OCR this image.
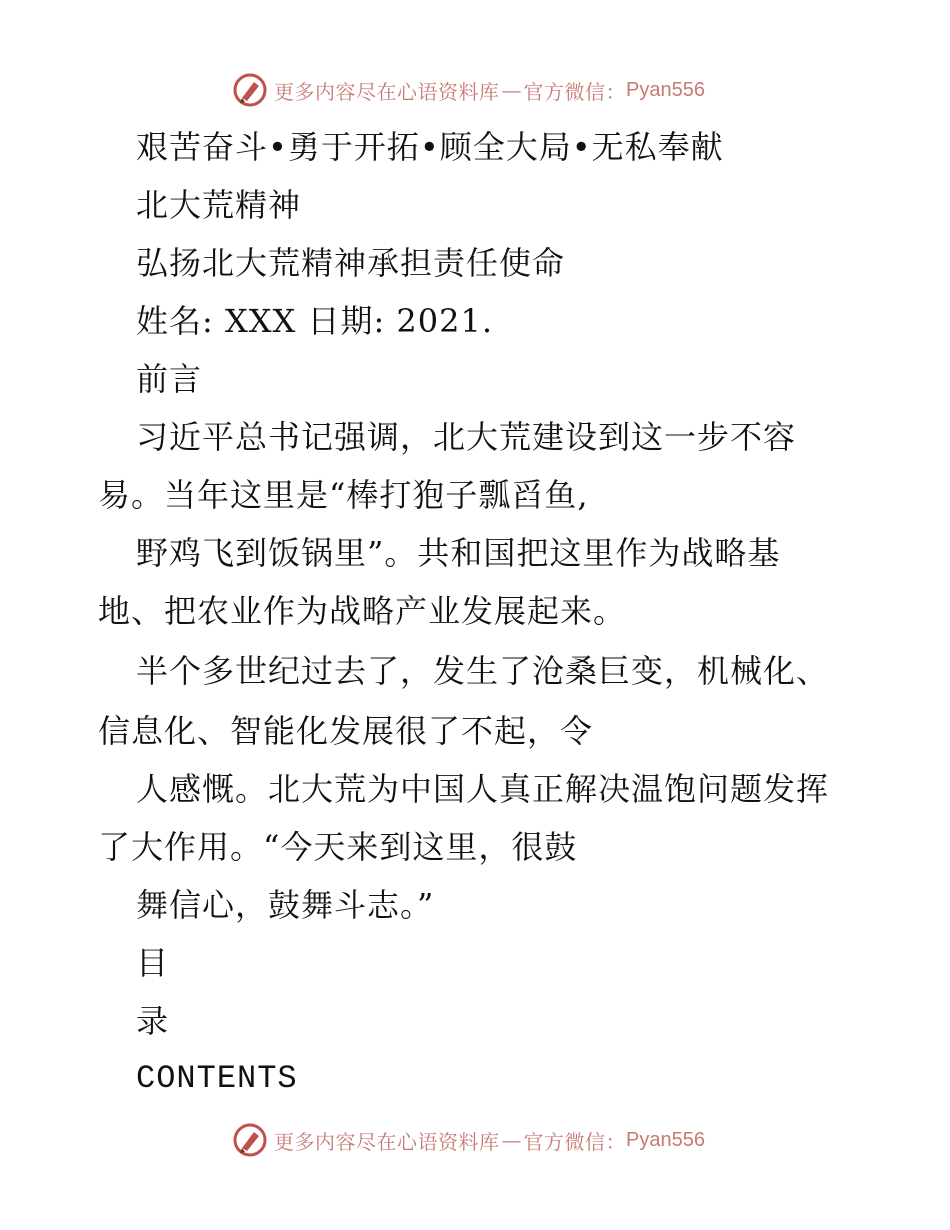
更多内容尽在心语资料库 — 官方微信： Pyan556
艰苦奋斗•勇于开拓•顾全大局•无私奉献
北大荒精神
弘扬北大荒精神承担责任使命
姓名: XXX 日期: 2021.
前言
习近平总书记强调，北大荒建设到这一步不容
易。当年这里是“棒打狍子瓢舀鱼,
野鸡飞到饭锅里”。共和国把这里作为战略基
地、把农业作为战略产业发展起来。
半个多世纪过去了，发生了沧桑巨变，机械化、
信息化、智能化发展很了不起，令
人感慨。北大荒为中国人真正解决温饱问题发挥
了大作用。“今天来到这里，很鼓
舞信心，鼓舞斗志。”
目
录
CONTENTS
更多内容尽在心语资料库 — 官方微信： Pyan556
